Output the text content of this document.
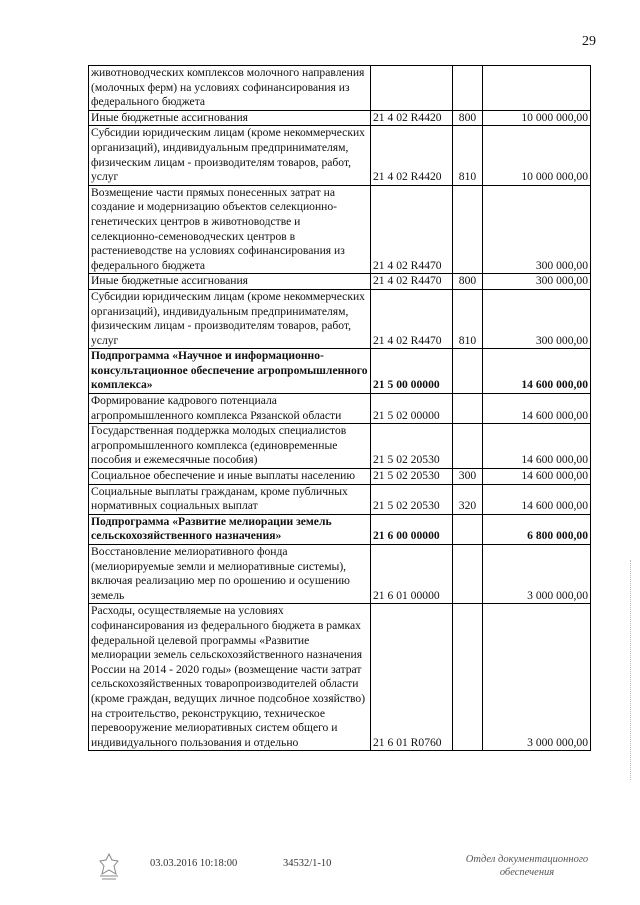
29
животноводческих комплексов молочного направления (молочных ферм) на условиях софинансирования из федерального бюджета			
Иные бюджетные ассигнования	21 4 02 R4420	800	10 000 000,00
Субсидии юридическим лицам (кроме некоммерческих организаций), индивидуальным предпринимателям, физическим лицам - производителям товаров, работ, услуг	21 4 02 R4420	810	10 000 000,00
Возмещение части прямых понесенных затрат на создание и модернизацию объектов селекционно-генетических центров в животноводстве и селекционно-семеноводческих центров в растениеводстве на условиях софинансирования из федерального бюджета	21 4 02 R4470		300 000,00
Иные бюджетные ассигнования	21 4 02 R4470	800	300 000,00
Субсидии юридическим лицам (кроме некоммерческих организаций), индивидуальным предпринимателям, физическим лицам - производителям товаров, работ, услуг	21 4 02 R4470	810	300 000,00
Подпрограмма «Научное и информационно-консультационное обеспечение агропромышленного комплекса»	21 5 00 00000		14 600 000,00
Формирование кадрового потенциала агропромышленного комплекса Рязанской области	21 5 02 00000		14 600 000,00
Государственная поддержка молодых специалистов агропромышленного комплекса (единовременные пособия и ежемесячные пособия)	21 5 02 20530		14 600 000,00
Социальное обеспечение и иные выплаты населению	21 5 02 20530	300	14 600 000,00
Социальные выплаты гражданам, кроме публичных нормативных социальных выплат	21 5 02 20530	320	14 600 000,00
Подпрограмма «Развитие мелиорации земель сельскохозяйственного назначения»	21 6 00 00000		6 800 000,00
Восстановление мелиоративного фонда (мелиорируемые земли и мелиоративные системы), включая реализацию мер по орошению и осушению земель	21 6 01 00000		3 000 000,00
Расходы, осуществляемые на условиях софинансирования из федерального бюджета в рамках федеральной целевой программы «Развитие мелиорации земель сельскохозяйственного назначения России на 2014 - 2020 годы» (возмещение части затрат сельскохозяйственных товаропроизводителей области (кроме граждан, ведущих личное подсобное хозяйство) на строительство, реконструкцию, техническое перевооружение мелиоративных систем общего и индивидуального пользования и отдельно	21 6 01 R0760		3 000 000,00
03.03.2016 10:18:00	34532/1-10	Отдел документационного
обеспечения
